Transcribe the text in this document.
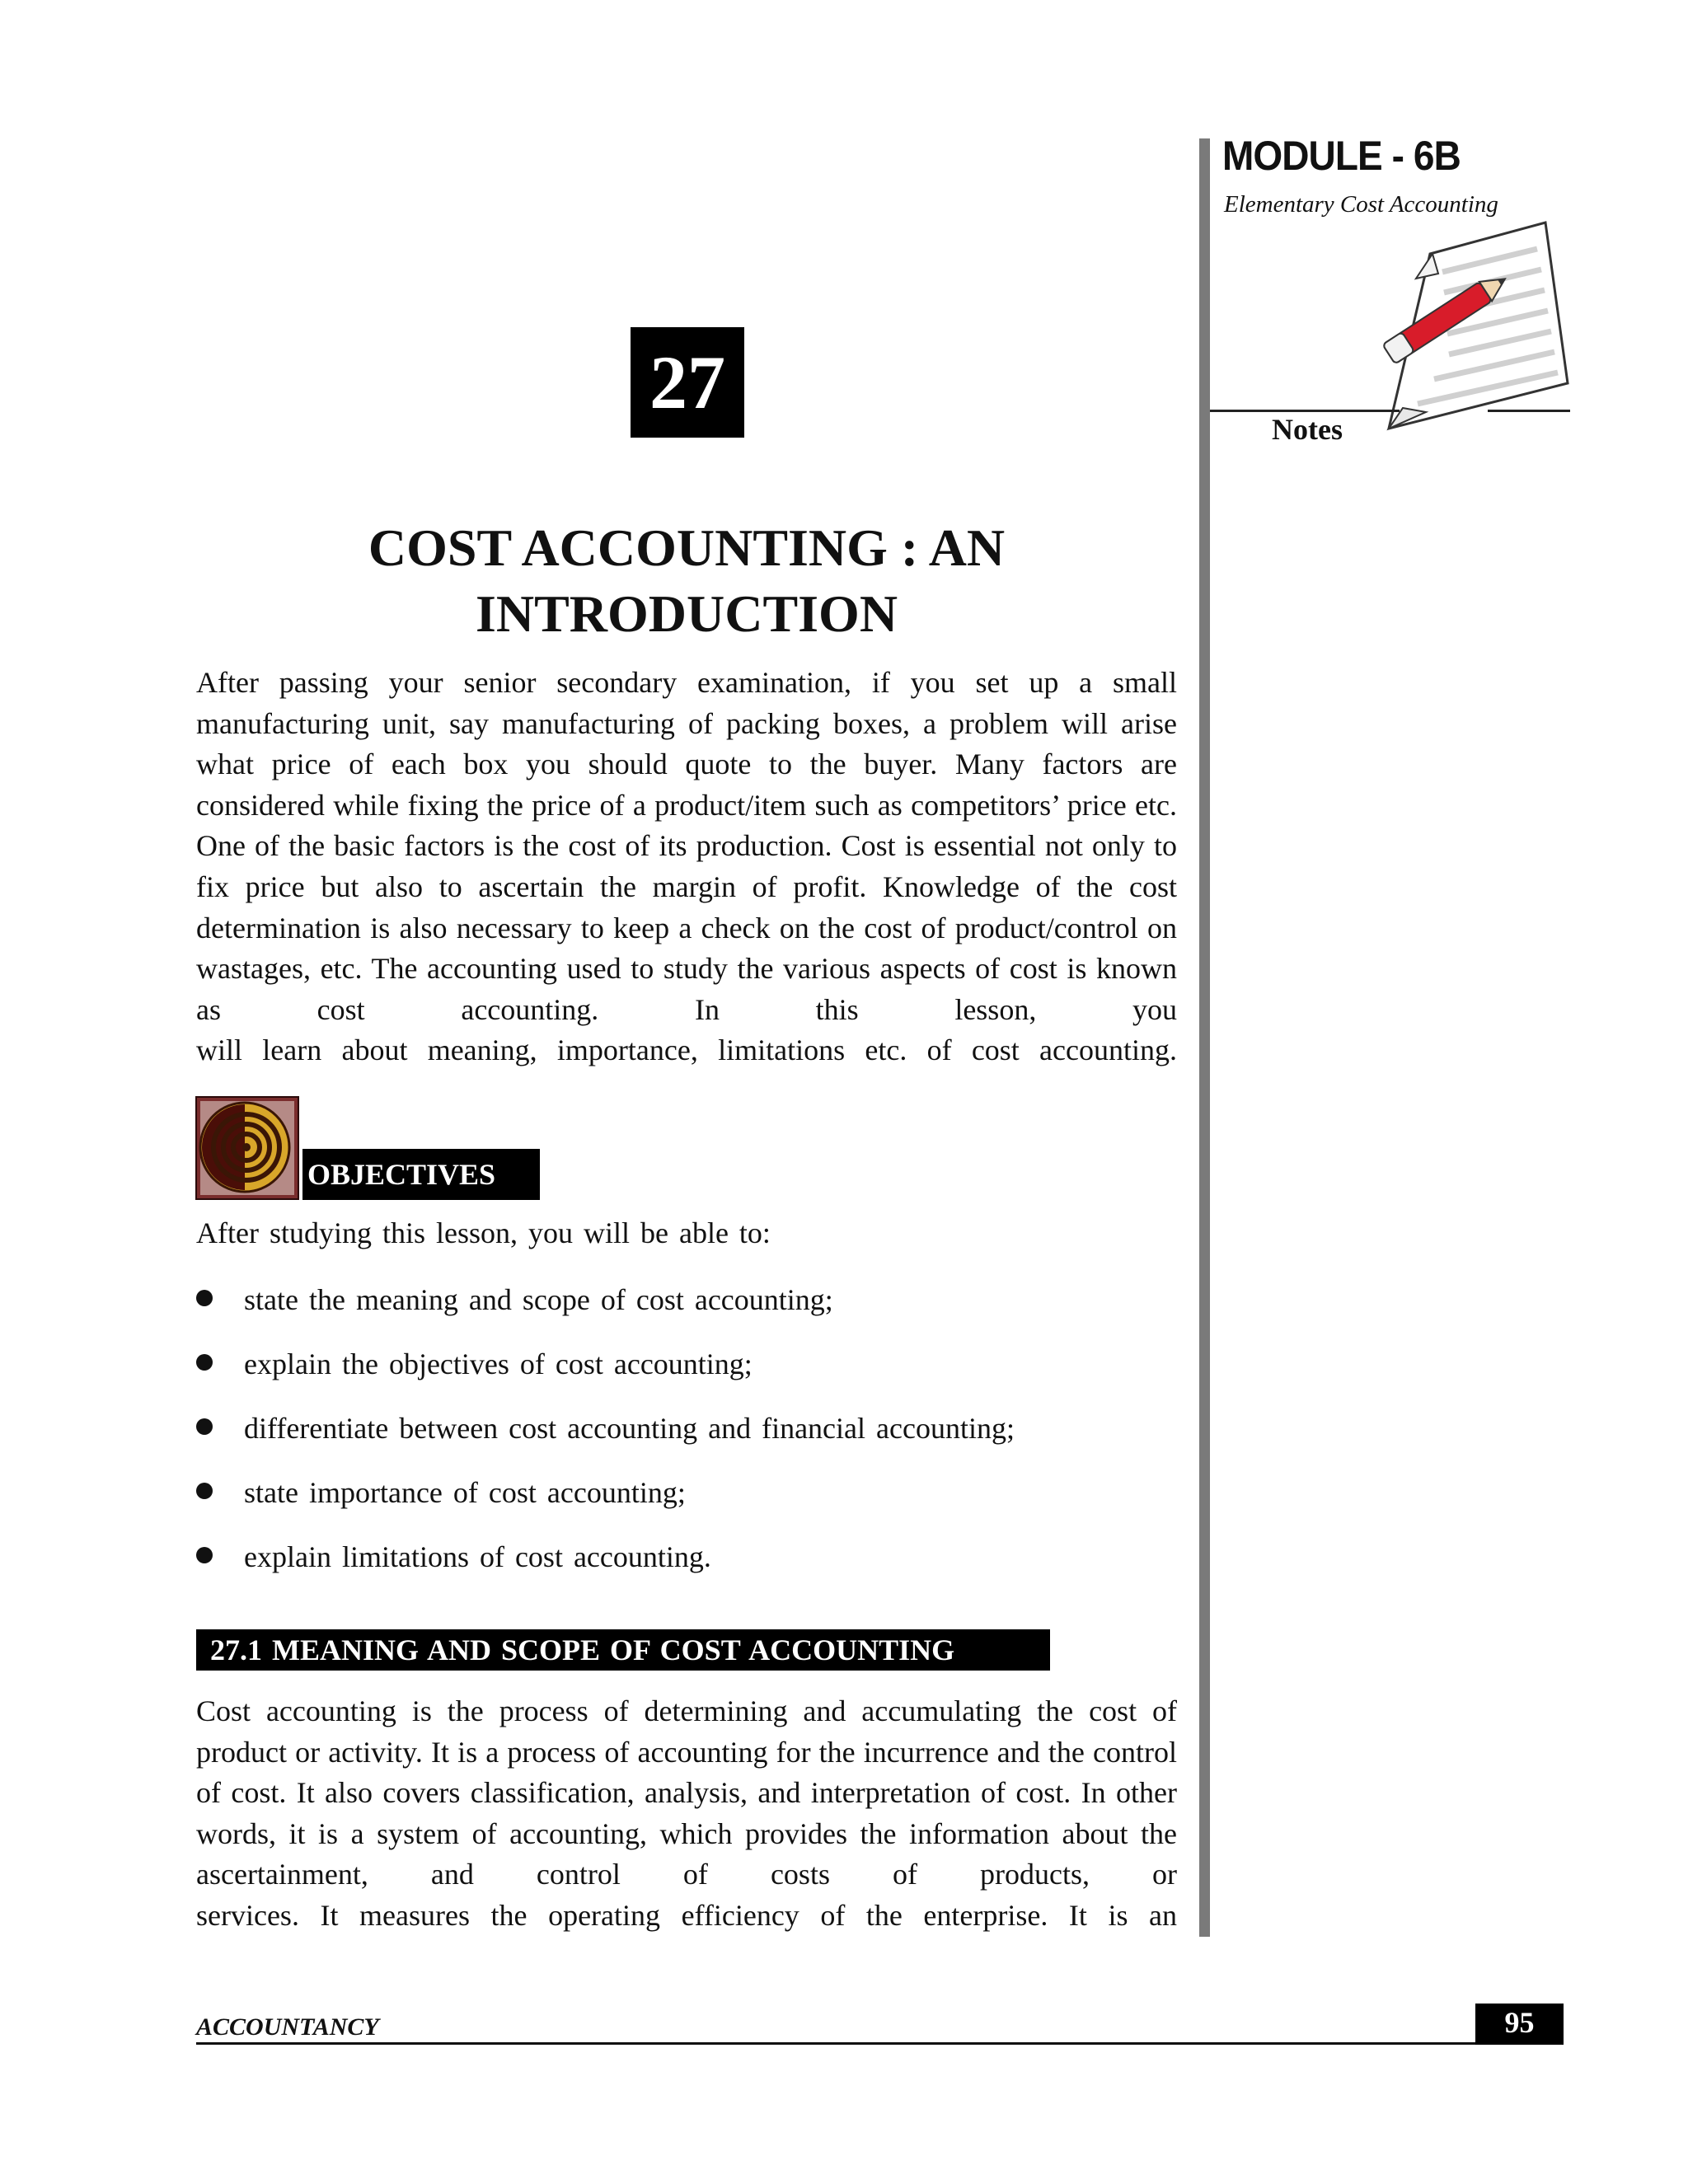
MODULE - 6B
Elementary Cost Accounting
Notes
27
COST ACCOUNTING : AN
INTRODUCTION
After passing your senior secondary examination, if you set up a small manufacturing unit, say manufacturing of packing boxes, a problem will arise what price of each box you should quote to the buyer. Many factors are considered while fixing the price of a product/item such as competitors’ price etc. One of the basic factors is the cost of its production. Cost is essential not only to fix price but also to ascertain the margin of profit. Knowledge of the cost determination is also necessary to keep a check on the cost of product/control on wastages, etc. The accounting used to study the various aspects of cost is known as cost accounting. In this lesson, you
will learn about meaning, importance, limitations etc. of cost accounting.
OBJECTIVES
After studying this lesson, you will be able to:
state the meaning and scope of cost accounting;
explain the objectives of cost accounting;
differentiate between cost accounting and financial accounting;
state importance of cost accounting;
explain limitations of cost accounting.
27.1 MEANING AND SCOPE OF COST ACCOUNTING
Cost accounting is the process of determining and accumulating the cost of product or activity. It is a process of accounting for the incurrence and the control of cost. It also covers classification, analysis, and interpretation of cost. In other words, it is a system of accounting, which provides the information about the ascertainment, and control of costs of products, or
services. It measures the operating efficiency of the enterprise. It is an
ACCOUNTANCY	95
